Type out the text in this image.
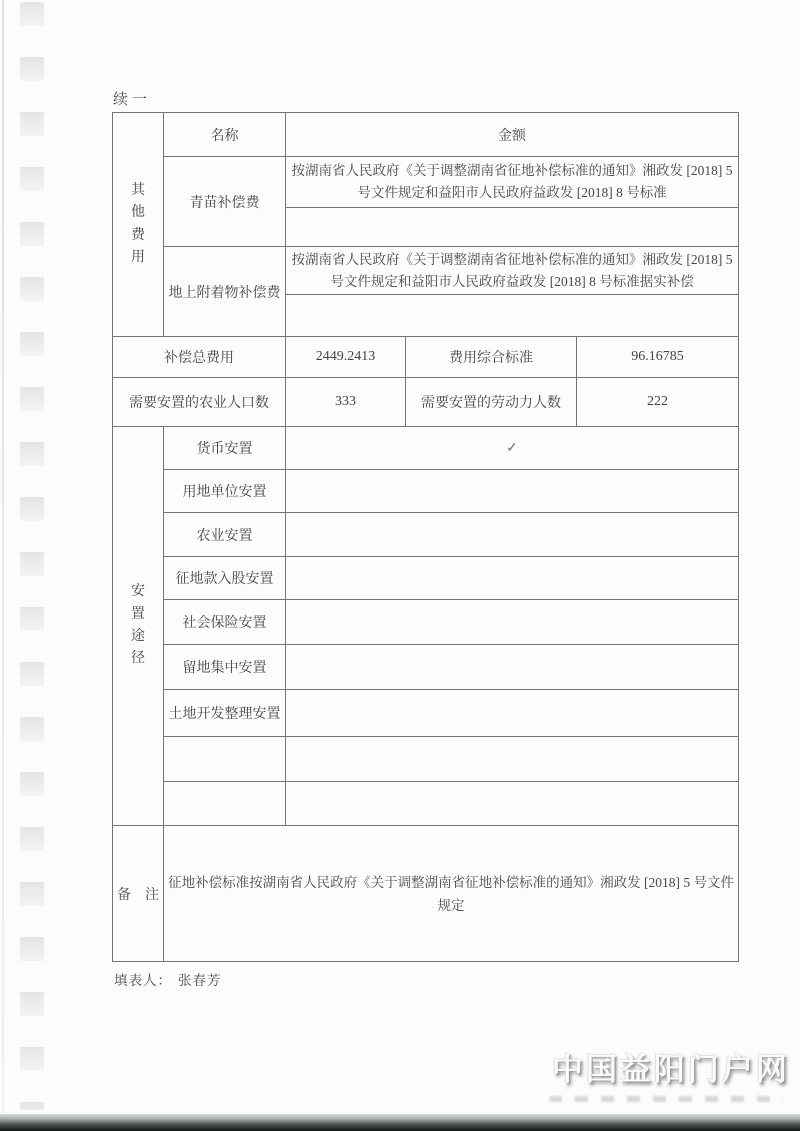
续一
其他费用	名称	金额		
	青苗补偿费	按湖南省人民政府《关于调整湖南省征地补偿标准的通知》湘政发 [2018] 5 号文件规定和益阳市人民政府益政发 [2018] 8 号标准		

	地上附着物补偿费	按湖南省人民政府《关于调整湖南省征地补偿标准的通知》湘政发 [2018] 5 号文件规定和益阳市人民政府益政发 [2018] 8 号标准据实补偿		

补偿总费用		2449.2413	费用综合标准	96.16785
需要安置的农业人口数		333	需要安置的劳动力人数	222
安置途径	货币安置	✓		
	用地单位安置			
	农业安置			
	征地款入股安置			
	社会保险安置			
	留地集中安置			
	土地开发整理安置			

备　注	征地补偿标准按湖南省人民政府《关于调整湖南省征地补偿标准的通知》湘政发 [2018] 5 号文件规定			
填表人： 张春芳
中国益阳门户网
